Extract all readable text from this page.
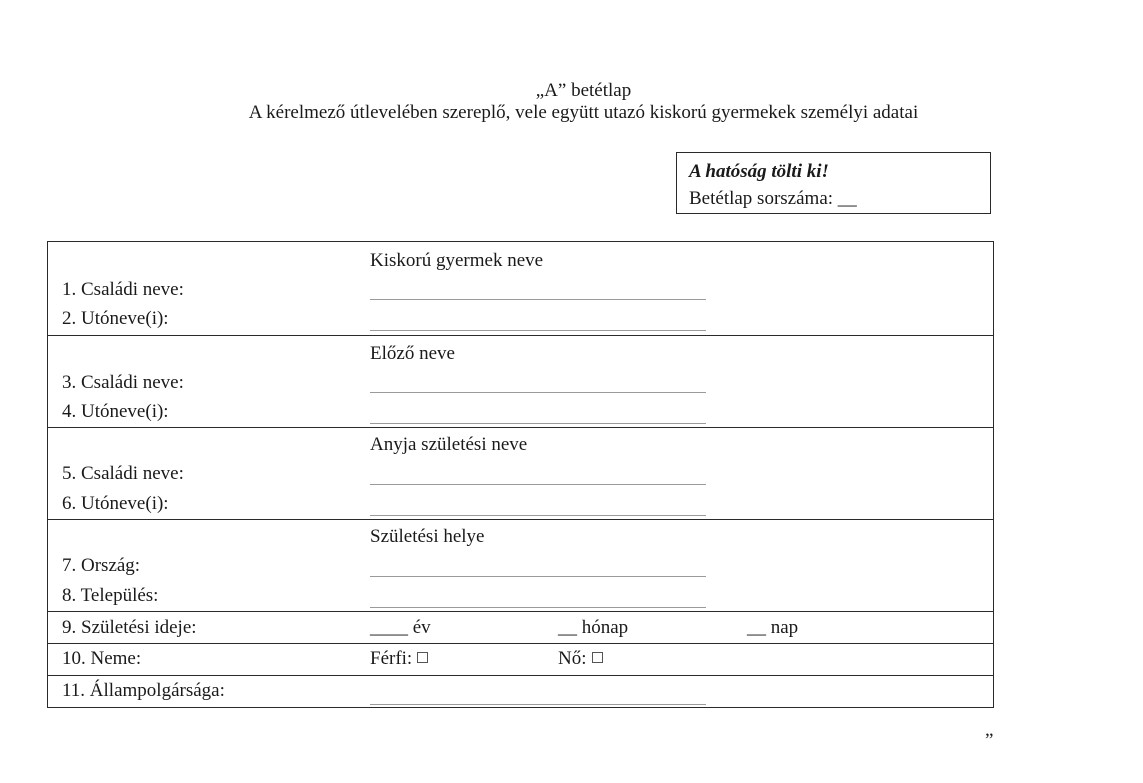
„A” betétlap
A kérelmező útlevelében szereplő, vele együtt utazó kiskorú gyermekek személyi adatai
A hatóság tölti ki!
Betétlap sorszáma: __
Kiskorú gyermek neve
1. Családi neve:
2. Utóneve(i):
Előző neve
3. Családi neve:
4. Utóneve(i):
Anyja születési neve
5. Családi neve:
6. Utóneve(i):
Születési helye
7. Ország:
8. Település:
9. Születési ideje:	____ év	__ hónap	__ nap
10. Neme:	Férfi:	Nő:
11. Állampolgársága:
”
